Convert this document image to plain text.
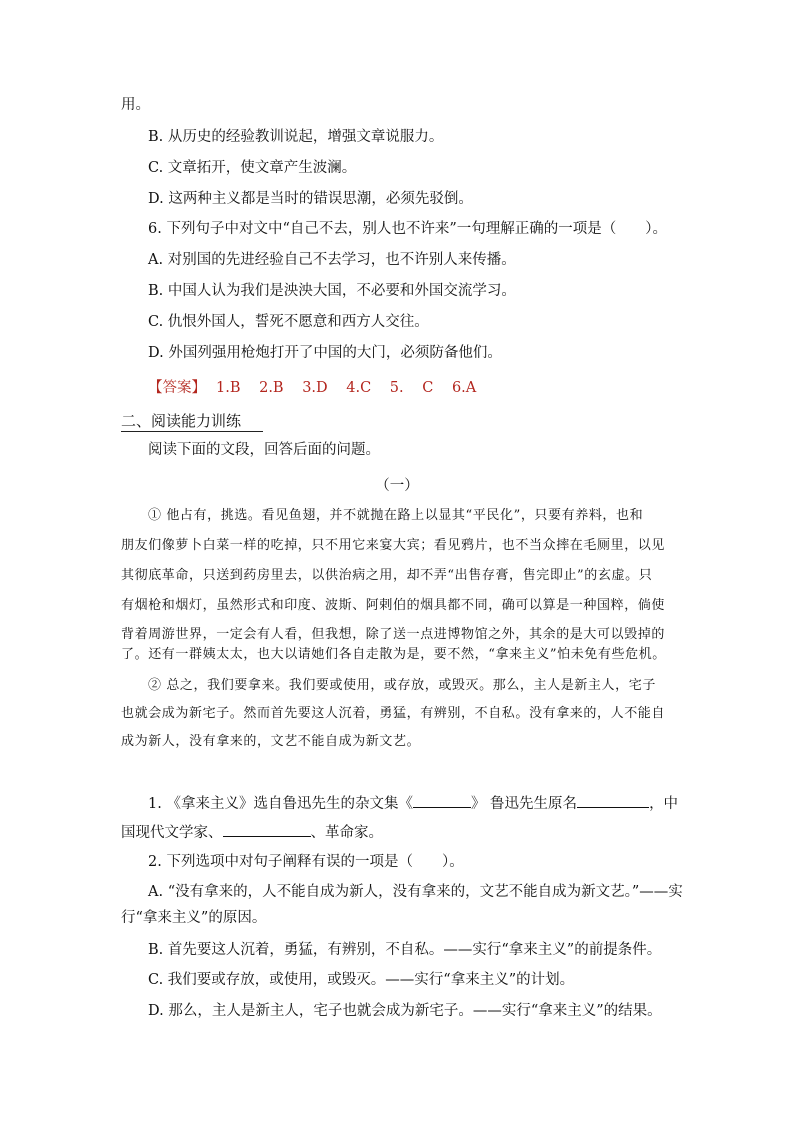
用。
B. 从历史的经验教训说起，增强文章说服力。
C. 文章拓开，使文章产生波澜。
D. 这两种主义都是当时的错误思潮，必须先驳倒。
6. 下列句子中对文中“自己不去，别人也不许来”一句理解正确的一项是（　　）。
A. 对别国的先进经验自己不去学习，也不许别人来传播。
B. 中国人认为我们是泱泱大国，不必要和外国交流学习。
C. 仇恨外国人，誓死不愿意和西方人交往。
D. 外国列强用枪炮打开了中国的大门，必须防备他们。
【答案】 1.B 2.B 3.D 4.C 5. C 6.A
二、阅读能力训练
阅读下面的文段，回答后面的问题。
（一）
① 他占有，挑选。看见鱼翅，并不就抛在路上以显其“平民化”，只要有养料，也和
朋友们像萝卜白菜一样的吃掉，只不用它来宴大宾；看见鸦片，也不当众摔在毛厕里，以见
其彻底革命，只送到药房里去，以供治病之用，却不弄“出售存膏，售完即止”的玄虚。只
有烟枪和烟灯，虽然形式和印度、波斯、阿剌伯的烟具都不同，确可以算是一种国粹，倘使
背着周游世界，一定会有人看，但我想，除了送一点进博物馆之外，其余的是大可以毁掉的
了。还有一群姨太太，也大以请她们各自走散为是，要不然，“拿来主义”怕未免有些危机。
② 总之，我们要拿来。我们要或使用，或存放，或毁灭。那么，主人是新主人，宅子
也就会成为新宅子。然而首先要这人沉着，勇猛，有辨别，不自私。没有拿来的，人不能自
成为新人，没有拿来的，文艺不能自成为新文艺。
1. 《拿来主义》选自鲁迅先生的杂文集《	》 鲁迅先生原名	，中
国现代文学家、	、革命家。
2. 下列选项中对句子阐释有误的一项是（　　）。
A. “没有拿来的，人不能自成为新人，没有拿来的，文艺不能自成为新文艺。”——实
行“拿来主义”的原因。
B. 首先要这人沉着，勇猛，有辨别，不自私。——实行“拿来主义”的前提条件。
C. 我们要或存放，或使用，或毁灭。——实行“拿来主义”的计划。
D. 那么，主人是新主人，宅子也就会成为新宅子。——实行“拿来主义”的结果。
